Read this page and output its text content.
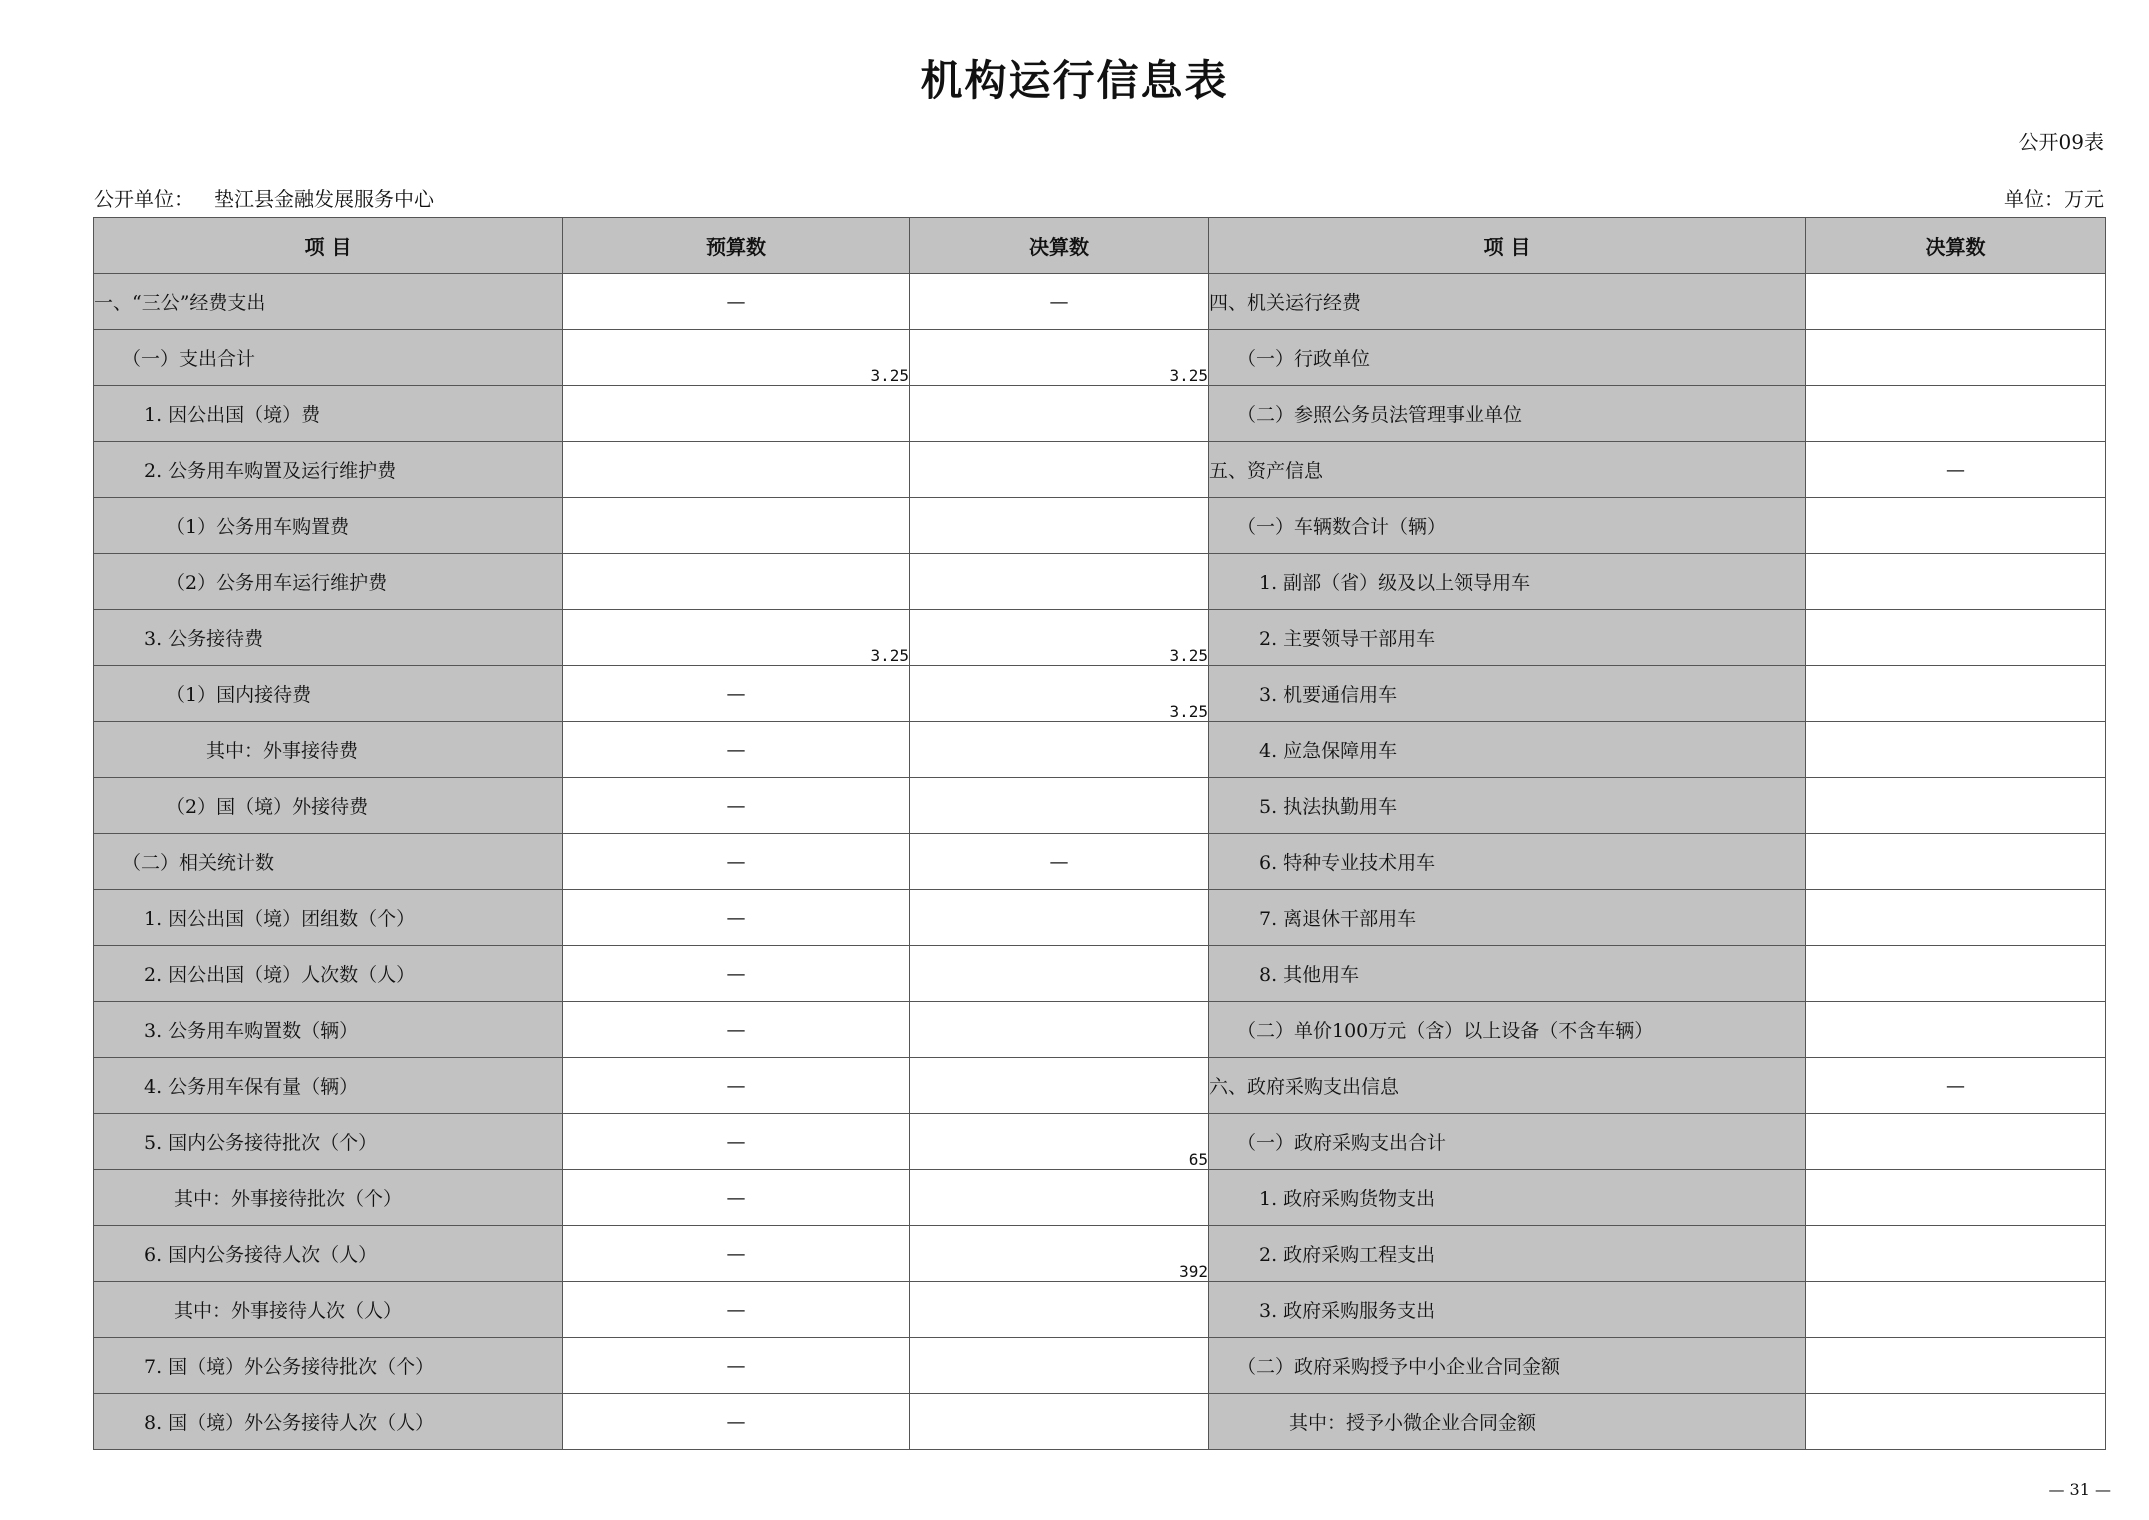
机构运行信息表
公开09表
公开单位： 垫江县金融发展服务中心	单位：万元
项 目	预算数	决算数	项 目	决算数
一、“三公”经费支出	—	—	四、机关运行经费	
（一）支出合计	3.25	3.25	（一）行政单位	
1. 因公出国（境）费			（二）参照公务员法管理事业单位	
2. 公务用车购置及运行维护费			五、资产信息	—
（1）公务用车购置费			（一）车辆数合计（辆）	
（2）公务用车运行维护费			1. 副部（省）级及以上领导用车	
3. 公务接待费	3.25	3.25	2. 主要领导干部用车	
（1）国内接待费	—	3.25	3. 机要通信用车	
其中：外事接待费	—		4. 应急保障用车	
（2）国（境）外接待费	—		5. 执法执勤用车	
（二）相关统计数	—	—	6. 特种专业技术用车	
1. 因公出国（境）团组数（个）	—		7. 离退休干部用车	
2. 因公出国（境）人次数（人）	—		8. 其他用车	
3. 公务用车购置数（辆）	—		（二）单价100万元（含）以上设备（不含车辆）	
4. 公务用车保有量（辆）	—		六、政府采购支出信息	—
5. 国内公务接待批次（个）	—	65	（一）政府采购支出合计	
其中：外事接待批次（个）	—		1. 政府采购货物支出	
6. 国内公务接待人次（人）	—	392	2. 政府采购工程支出	
其中：外事接待人次（人）	—		3. 政府采购服务支出	
7. 国（境）外公务接待批次（个）	—		（二）政府采购授予中小企业合同金额	
8. 国（境）外公务接待人次（人）	—		其中：授予小微企业合同金额	
— 31 —
